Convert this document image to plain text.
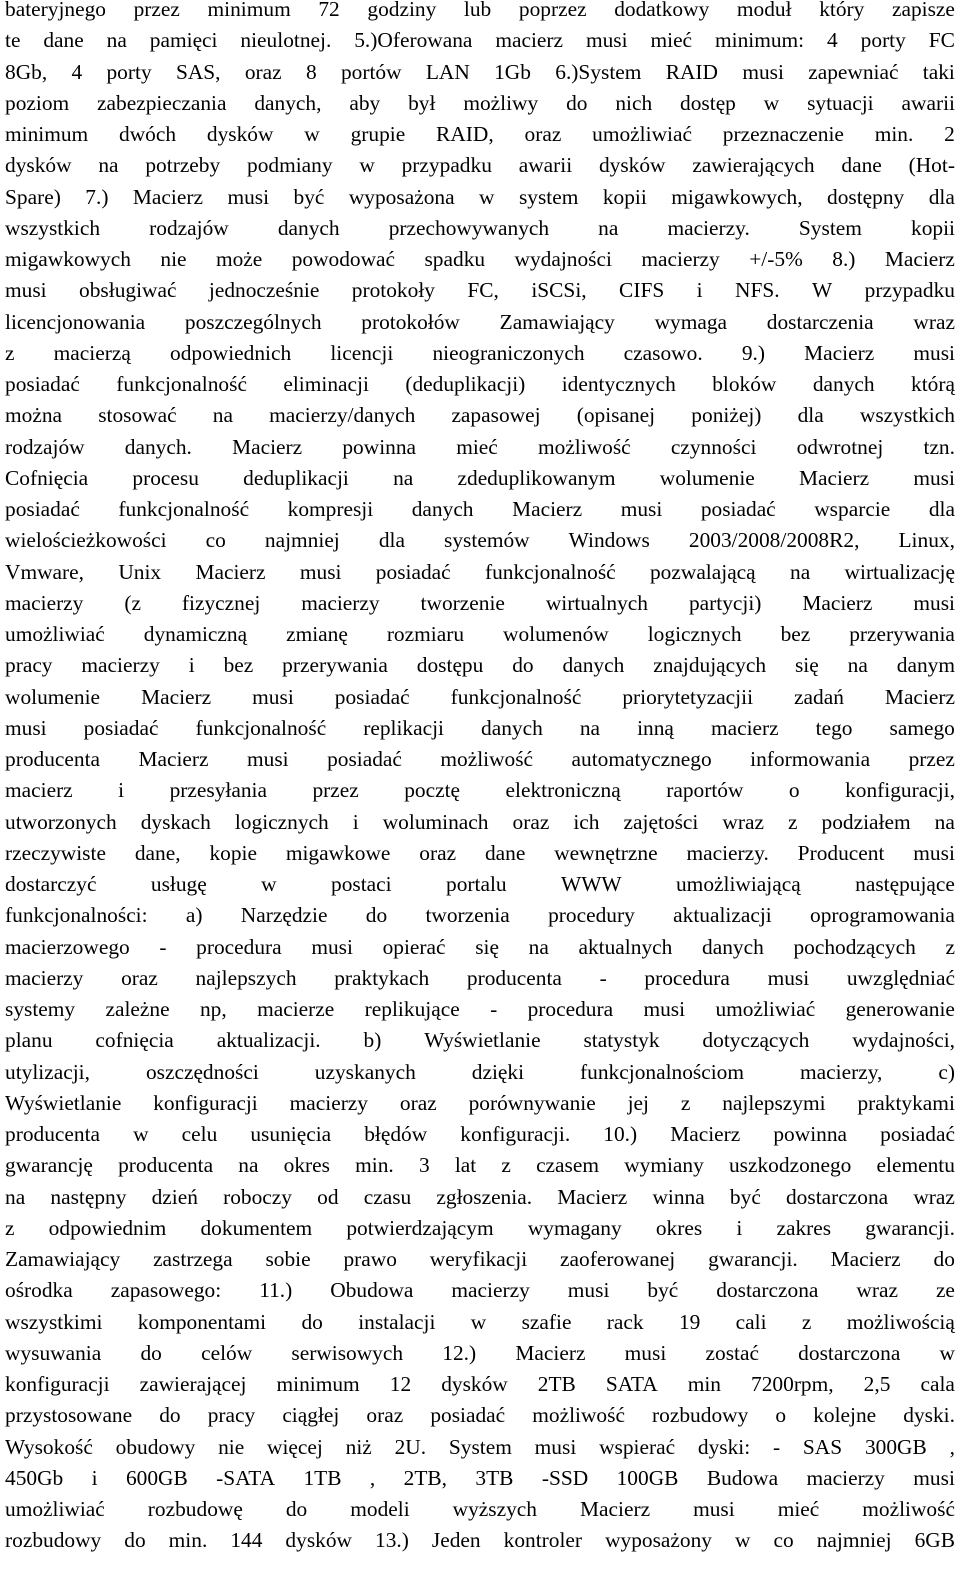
bateryjnego przez minimum 72 godziny lub poprzez dodatkowy moduł który zapisze
te dane na pamięci nieulotnej. 5.)Oferowana macierz musi mieć minimum: 4 porty FC
8Gb, 4 porty SAS, oraz 8 portów LAN 1Gb 6.)System RAID musi zapewniać taki
poziom zabezpieczania danych, aby był możliwy do nich dostęp w sytuacji awarii
minimum dwóch dysków w grupie RAID, oraz umożliwiać przeznaczenie min. 2
dysków na potrzeby podmiany w przypadku awarii dysków zawierających dane (Hot-
Spare) 7.) Macierz musi być wyposażona w system kopii migawkowych, dostępny dla
wszystkich rodzajów danych przechowywanych na macierzy. System kopii
migawkowych nie może powodować spadku wydajności macierzy +/-5% 8.) Macierz
musi obsługiwać jednocześnie protokoły FC, iSCSi, CIFS i NFS. W przypadku
licencjonowania poszczególnych protokołów Zamawiający wymaga dostarczenia wraz
z macierzą odpowiednich licencji nieograniczonych czasowo. 9.) Macierz musi
posiadać funkcjonalność eliminacji (deduplikacji) identycznych bloków danych którą
można stosować na macierzy/danych zapasowej (opisanej poniżej) dla wszystkich
rodzajów danych. Macierz powinna mieć możliwość czynności odwrotnej tzn.
Cofnięcia procesu deduplikacji na zdeduplikowanym wolumenie Macierz musi
posiadać funkcjonalność kompresji danych Macierz musi posiadać wsparcie dla
wielościeżkowości co najmniej dla systemów Windows 2003/2008/2008R2, Linux,
Vmware, Unix Macierz musi posiadać funkcjonalność pozwalającą na wirtualizację
macierzy (z fizycznej macierzy tworzenie wirtualnych partycji) Macierz musi
umożliwiać dynamiczną zmianę rozmiaru wolumenów logicznych bez przerywania
pracy macierzy i bez przerywania dostępu do danych znajdujących się na danym
wolumenie Macierz musi posiadać funkcjonalność priorytetyzacjii zadań Macierz
musi posiadać funkcjonalność replikacji danych na inną macierz tego samego
producenta Macierz musi posiadać możliwość automatycznego informowania przez
macierz i przesyłania przez pocztę elektroniczną raportów o konfiguracji,
utworzonych dyskach logicznych i woluminach oraz ich zajętości wraz z podziałem na
rzeczywiste dane, kopie migawkowe oraz dane wewnętrzne macierzy. Producent musi
dostarczyć	usługę	w	postaci	portalu	WWW	umożliwiającą	następujące
funkcjonalności: a) Narzędzie do tworzenia procedury aktualizacji oprogramowania
macierzowego - procedura musi opierać się na aktualnych danych pochodzących z
macierzy oraz najlepszych praktykach producenta - procedura musi uwzględniać
systemy zależne np, macierze replikujące - procedura musi umożliwiać generowanie
planu cofnięcia aktualizacji. b) Wyświetlanie statystyk dotyczących wydajności,
utylizacji,	oszczędności	uzyskanych	dzięki	funkcjonalnościom	macierzy,	c)
Wyświetlanie konfiguracji macierzy oraz porównywanie jej z najlepszymi praktykami
producenta w celu usunięcia błędów konfiguracji. 10.) Macierz powinna posiadać
gwarancję producenta na okres min. 3 lat z czasem wymiany uszkodzonego elementu
na następny dzień roboczy od czasu zgłoszenia. Macierz winna być dostarczona wraz
z odpowiednim dokumentem potwierdzającym wymagany okres i zakres gwarancji.
Zamawiający zastrzega sobie prawo weryfikacji zaoferowanej gwarancji. Macierz do
ośrodka zapasowego: 11.) Obudowa macierzy musi być dostarczona wraz ze
wszystkimi komponentami do instalacji w szafie rack 19 cali z możliwością
wysuwania do celów serwisowych 12.) Macierz musi zostać dostarczona w
konfiguracji zawierającej minimum 12 dysków 2TB SATA min 7200rpm, 2,5 cala
przystosowane do pracy ciągłej oraz posiadać możliwość rozbudowy o kolejne dyski.
Wysokość obudowy nie więcej niż 2U. System musi wspierać dyski: - SAS 300GB ,
450Gb i 600GB -SATA 1TB , 2TB, 3TB -SSD 100GB Budowa macierzy musi
umożliwiać rozbudowę do modeli wyższych Macierz musi mieć możliwość
rozbudowy do min. 144 dysków 13.) Jeden kontroler wyposażony w co najmniej 6GB
